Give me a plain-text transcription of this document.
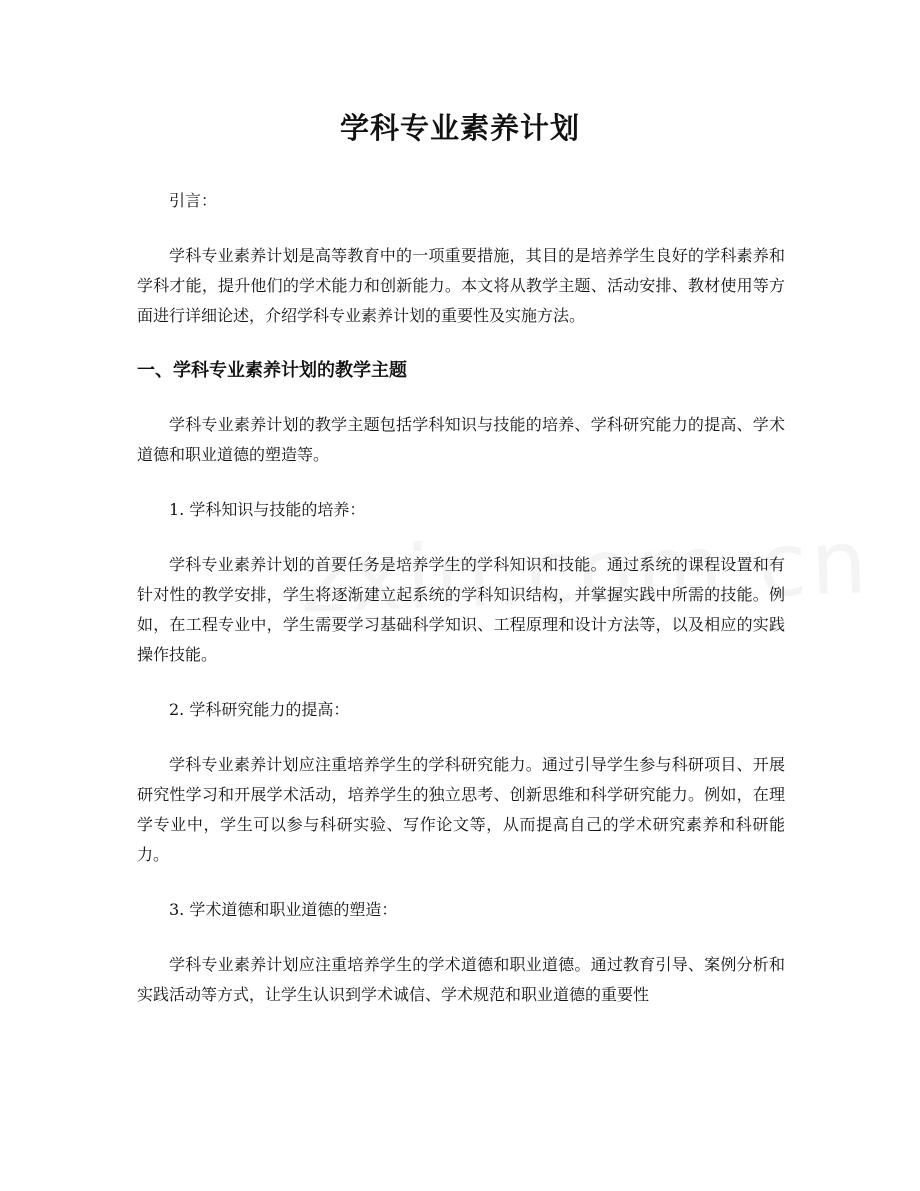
学科专业素养计划

引言：

学科专业素养计划是高等教育中的一项重要措施，其目的是培养学生良好的学科素养和学科才能，提升他们的学术能力和创新能力。本文将从教学主题、活动安排、教材使用等方面进行详细论述，介绍学科专业素养计划的重要性及实施方法。

一、学科专业素养计划的教学主题

学科专业素养计划的教学主题包括学科知识与技能的培养、学科研究能力的提高、学术道德和职业道德的塑造等。

1. 学科知识与技能的培养：

学科专业素养计划的首要任务是培养学生的学科知识和技能。通过系统的课程设置和有针对性的教学安排，学生将逐渐建立起系统的学科知识结构，并掌握实践中所需的技能。例如，在工程专业中，学生需要学习基础科学知识、工程原理和设计方法等，以及相应的实践操作技能。

2. 学科研究能力的提高：

学科专业素养计划应注重培养学生的学科研究能力。通过引导学生参与科研项目、开展研究性学习和开展学术活动，培养学生的独立思考、创新思维和科学研究能力。例如，在理学专业中，学生可以参与科研实验、写作论文等，从而提高自己的学术研究素养和科研能力。

3. 学术道德和职业道德的塑造：

学科专业素养计划应注重培养学生的学术道德和职业道德。通过教育引导、案例分析和实践活动等方式，让学生认识到学术诚信、学术规范和职业道德的重要性
